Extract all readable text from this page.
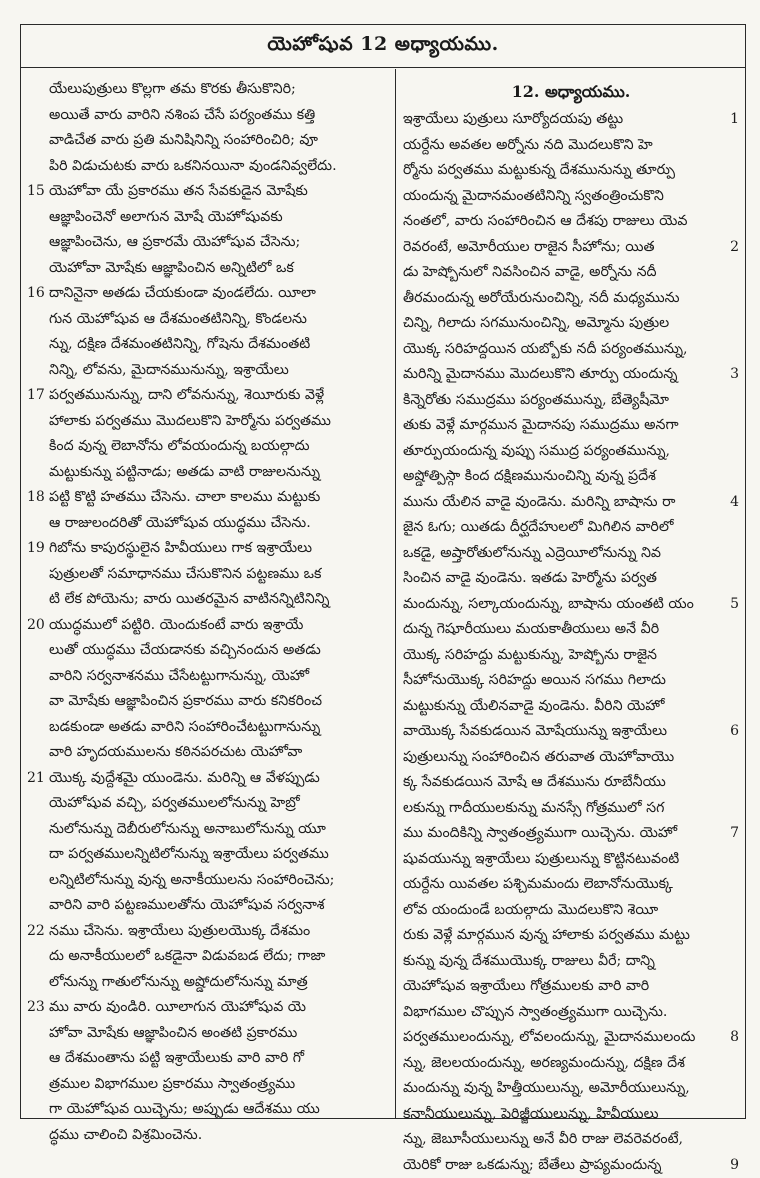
యెహోషువ 12 అధ్యాయము.
యేలుపుత్రులు కొల్లగా తమ కొరకు తీసుకొనిరి;
అయితే వారు వారిని నశింప చేసే పర్యంతము కత్తి
వాడిచేత వారు ప్రతి మనిషినిన్ని సంహారించిరి; వూ
పిరి విడుచుటకు వారు ఒకనినయినా వుండనివ్వలేదు.
15 యెహోవా యే ప్రకారము తన సేవకుడైన మోషేకు
ఆజ్ఞాపించెనో అలాగున మోషే యెహోషువకు
ఆజ్ఞాపించెను, ఆ ప్రకారమే యెహోషువ చేసెను;
యెహోవా మోషేకు ఆజ్ఞాపించిన అన్నిటిలో ఒక
16 దానినైనా అతడు చేయకుండా వుండలేదు. యీలా
గున యెహోషువ ఆ దేశమంతటినిన్ని, కొండలను
న్ను, దక్షిణ దేశమంతటినిన్ని, గోషెను దేశమంతటి
నిన్ని, లోవను, మైదానమునున్ను, ఇశ్రాయేలు
17 పర్వతమునున్ను, దాని లోవనున్ను, శెయీరుకు వెళ్లే
హాలాకు పర్వతము మొదలుకొని హెర్మోను పర్వతము
కింద వున్న లెబానోను లోవయందున్న బయల్గాదు
మట్టుకున్ను పట్టినాడు; అతడు వాటి రాజులనున్ను
18 పట్టి కొట్టి హతము చేసెను. చాలా కాలము మట్టుకు
ఆ రాజులందరితో యెహోషువ యుద్ధము చేసెను.
19 గిబోను కాపురస్థులైన హివీయులు గాక ఇశ్రాయేలు
పుత్రులతో సమాధానము చేసుకొనిన పట్టణము ఒక
టి లేక పోయెను; వారు యితరమైన వాటినన్నిటినిన్ని
20 యుద్ధములో పట్టిరి. యెందుకంటే వారు ఇశ్రాయే
లుతో యుద్ధము చేయడానకు వచ్చినందున అతడు
వారిని సర్వనాశనము చేసేటట్టుగానున్ను, యెహో
వా మోషేకు ఆజ్ఞాపించిన ప్రకారము వారు కనికరించ
బడకుండా అతడు వారిని సంహారించేటట్టుగానున్ను
వారి హృదయములను కఠినపరచుట యెహోవా
21 యొక్క వుద్దేశమై యుండెను. మరిన్ని ఆ వేళప్పుడు
యెహోషువ వచ్చి, పర్వతములలోనున్ను హెబ్రో
నులోనున్ను దెబీరులోనున్ను అనాబులోనున్ను యూ
దా పర్వతములన్నిటిలోనున్ను ఇశ్రాయేలు పర్వతము
లన్నిటిలోనున్ను వున్న అనాకీయులను సంహారించెను;
వారిని వారి పట్టణములతోను యెహోషువ సర్వనాశ
22 నము చేసెను. ఇశ్రాయేలు పుత్రులయొక్క దేశమం
దు అనాకీయులలో ఒకడైనా విడువబడ లేదు; గాజా
లోనున్ను గాతులోనున్ను అష్డోదులోనున్ను మాత్ర
23 ము వారు వుండిరి. యీలాగున యెహోషువ యె
హోవా మోషేకు ఆజ్ఞాపించిన అంతటి ప్రకారము
ఆ దేశమంతాను పట్టి ఇశ్రాయేలుకు వారి వారి గో
త్రముల విభాగముల ప్రకారము స్వాతంత్ర్యము
గా యెహోషువ యిచ్చెను; అప్పుడు ఆదేశము యు
ద్ధము చాలించి విశ్రమించెను.
12. అధ్యాయము.
ఇశ్రాయేలు పుత్రులు సూర్యోదయపు తట్టు	1
యర్దేను అవతల అర్నోను నది మొదలుకొని హె
ర్మోను పర్వతము మట్టుకున్న దేశమునున్ను తూర్పు
యందున్న మైదానమంతటినిన్ని స్వతంత్రించుకొని
నంతలో, వారు సంహారించిన ఆ దేశపు రాజులు యెవ
రెవరంటే, అమోరీయుల రాజైన సీహోను; యిత	2
డు హెష్బోనులో నివసించిన వాడై, అర్నోను నదీ
తీరమందున్న అరోయేరునుంచిన్ని, నదీ మధ్యమును
చిన్ని, గిలాదు సగమునుంచిన్ని, అమ్మోను పుత్రుల
యొక్క సరిహద్దయిన యబ్బోకు నదీ పర్యంతమున్ను,
మరిన్ని మైదానము మొదలుకొని తూర్పు యందున్న	3
కిన్నెరోతు సముద్రము పర్యంతమున్ను, బేత్యెషీమో
తుకు వెళ్లే మార్గమున మైదానపు సముద్రము అనగా
తూర్పుయందున్న వుప్పు సముద్ర పర్యంతమున్ను,
అష్డోత్పిస్గా కింద దక్షిణమునుంచిన్ని వున్న ప్రదేశ
మును యేలిన వాడై వుండెను. మరిన్ని బాషాను రా	4
జైన ఓగు; యితడు దీర్ఘదేహులలో మిగిలిన వారిలో
ఒకడై, అష్తారోతులోనున్ను ఎద్రెయీలోనున్ను నివ
సించిన వాడై వుండెను. ఇతడు హెర్మోను పర్వత
మందున్ను, సల్కాయందున్ను, బాషాను యంతటి యం	5
దున్న గెషూరీయులు మయకాతీయులు అనే వీరి
యొక్క సరిహద్దు మట్టుకున్ను, హెష్బోను రాజైన
సీహోనుయొక్క సరిహద్దు అయిన సగము గిలాదు
మట్టుకున్ను యేలినవాడై వుండెను. వీరిని యెహో
వాయొక్క సేవకుడయిన మోషేయున్ను ఇశ్రాయేలు	6
పుత్రులున్ను సంహారించిన తరువాత యెహోవాయొ
క్క సేవకుడయిన మోషే ఆ దేశమును రూబేనీయు
లకున్ను గాదీయులకున్ను మనస్సే గోత్రములో సగ
ము మందికిన్ని స్వాతంత్ర్యముగా యిచ్చెను. యెహో	7
షువయున్ను ఇశ్రాయేలు పుత్రులున్ను కొట్టినటువంటి
యర్దేను యివతల పశ్చిమమందు లెబానోనుయొక్క
లోవ యందుండే బయల్గాదు మొదలుకొని శెయీ
రుకు వెళ్లే మార్గమున వున్న హాలాకు పర్వతము మట్టు
కున్ను వున్న దేశముయొక్క రాజులు వీరే; దాన్ని
యెహోషువ ఇశ్రాయేలు గోత్రములకు వారి వారి
విభాగముల చొప్పున స్వాతంత్ర్యముగా యిచ్చెను.
పర్వతములందున్ను, లోవలందున్ను, మైదానములందు 8
న్ను, జెలలయందున్ను, అరణ్యమందున్ను, దక్షిణ దేశ
మందున్ను వున్న హిత్తీయులున్ను, అమోరీయులున్ను,
కనానీయులున్ను, పెరిజ్జీయులున్ను, హివీయులు
న్ను, జెబూసీయులున్ను అనే వీరి రాజు లెవరెవరంటే,
యెరికో రాజు ఒకడున్ను; బేతేలు ప్రాప్యమందున్న	9
